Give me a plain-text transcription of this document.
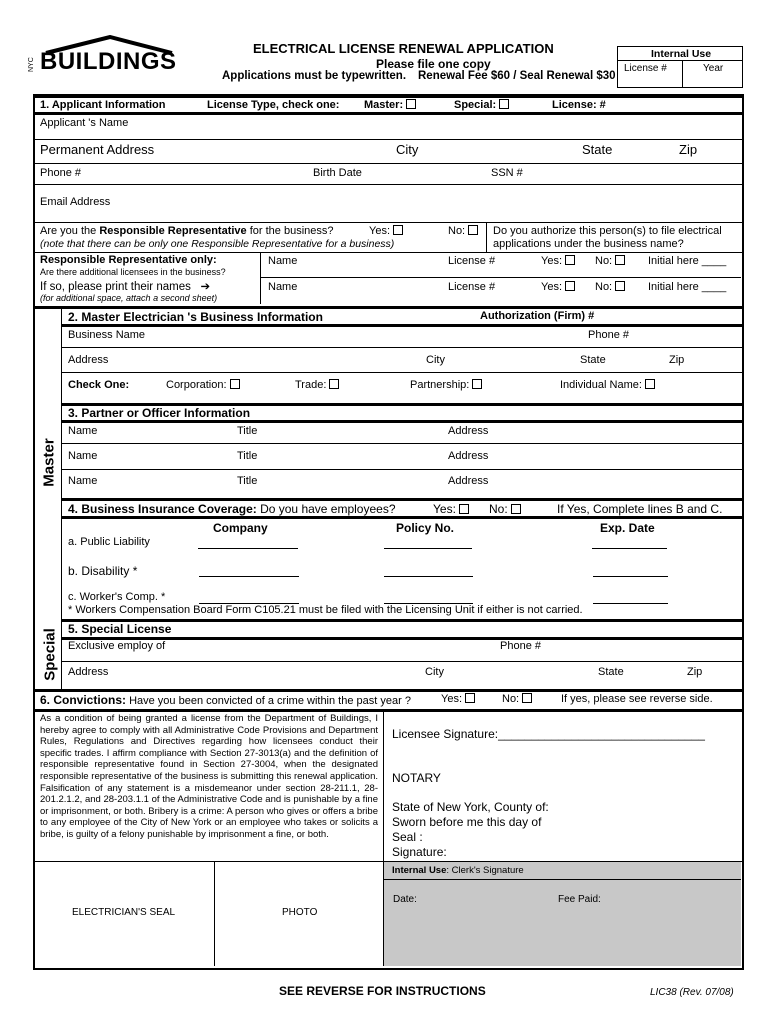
NYC BUILDINGS	ELECTRICAL LICENSE RENEWAL APPLICATION
Please file one copy
Applications must be typewritten. Renewal Fee $60 / Seal Renewal $30
Internal Use
License #	Year
1. Applicant Information	License Type, check one: Master:	Special:	License: #
Applicant 's Name
Permanent Address	City	State	Zip
Phone #	Birth Date	SSN #
Email Address
Are you the Responsible Representative for the business?	Yes:	No:
(note that there can be only one Responsible Representative for a business)
Do you authorize this person(s) to file electrical
applications under the business name?
Responsible Representative only:
Are there additional licensees in the business?
If so, please print their names ➔
(for additional space, attach a second sheet)
Name	License #	Yes:	No:	Initial here ____
Name	License #	Yes:	No:	Initial here ____
Master
Special
2. Master Electrician 's Business Information	Authorization (Firm) #
Business Name	Phone #
Address	City	State	Zip
Check One:	Corporation:	Trade:	Partnership:	Individual Name:
3. Partner or Officer Information
Name	Title	Address
Name	Title	Address
Name	Title	Address
4. Business Insurance Coverage: Do you have employees?	Yes:	No:	If Yes, Complete lines B and C.
Company	Policy No.	Exp. Date
a. Public Liability
b. Disability *
c. Worker's Comp. *
* Workers Compensation Board Form C105.21 must be filed with the Licensing Unit if either is not carried.
5. Special License
Exclusive employ of	Phone #
Address	City	State	Zip
6. Convictions: Have you been convicted of a crime within the past year ?	Yes:	No:	If yes, please see reverse side.
As a condition of being granted a license from the Department of Buildings, I hereby agree to comply with all Administrative Code Provisions and Department Rules, Regulations and Directives regarding how licensees conduct their specific trades. I affirm compliance with Section 27-3013(a) and the definition of responsible representative found in Section 27-3004, when the designated responsible representative of the business is submitting this renewal application. Falsification of any statement is a misdemeanor under section 28-211.1, 28-201.2.1.2, and 28-203.1.1 of the Administrative Code and is punishable by a fine or imprisonment, or both. Bribery is a crime: A person who gives or offers a bribe to any employee of the City of New York or an employee who takes or solicits a bribe, is guilty of a felony punishable by imprisonment a fine, or both.
Licensee Signature:_______________________________
NOTARY
State of New York, County of:
Sworn before me this day of
Seal :
Signature:
Internal Use: Clerk's Signature
Date:	Fee Paid:
ELECTRICIAN'S SEAL	PHOTO
SEE REVERSE FOR INSTRUCTIONS	LIC38 (Rev. 07/08)
